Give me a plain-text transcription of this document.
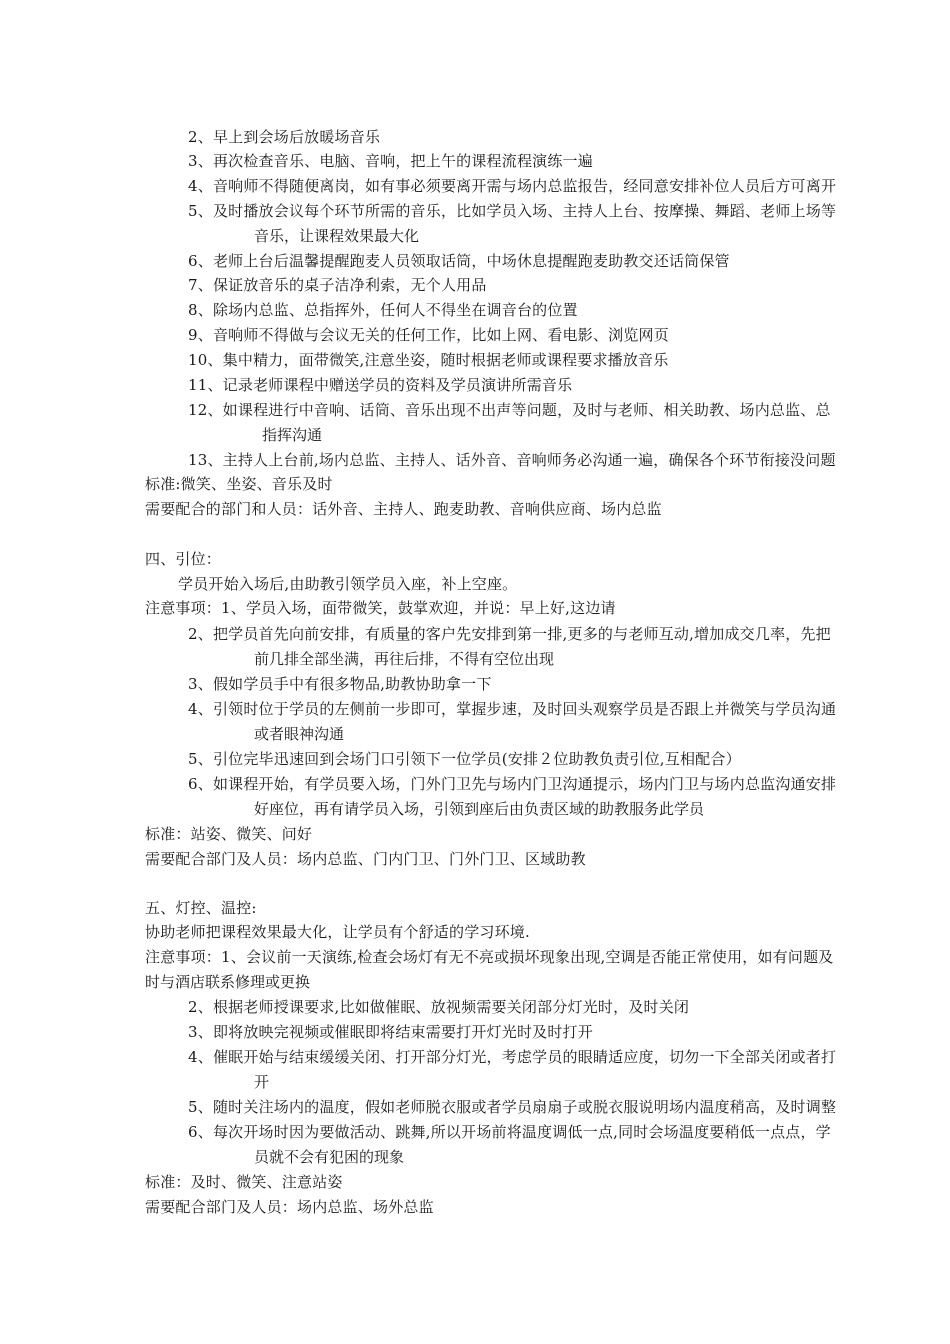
2、早上到会场后放暖场音乐
3、再次检查音乐、电脑、音响，把上午的课程流程演练一遍
4、音响师不得随便离岗，如有事必须要离开需与场内总监报告，经同意安排补位人员后方可离开
5、及时播放会议每个环节所需的音乐，比如学员入场、主持人上台、按摩操、舞蹈、老师上场等
音乐，让课程效果最大化
6、老师上台后温馨提醒跑麦人员领取话筒，中场休息提醒跑麦助教交还话筒保管
7、保证放音乐的桌子洁净利索，无个人用品
8、除场内总监、总指挥外，任何人不得坐在调音台的位置
9、音响师不得做与会议无关的任何工作，比如上网、看电影、浏览网页
10、集中精力，面带微笑,注意坐姿，随时根据老师或课程要求播放音乐
11、记录老师课程中赠送学员的资料及学员演讲所需音乐
12、如课程进行中音响、话筒、音乐出现不出声等问题，及时与老师、相关助教、场内总监、总
指挥沟通
13、主持人上台前,场内总监、主持人、话外音、音响师务必沟通一遍，确保各个环节衔接没问题
标准:微笑、坐姿、音乐及时
需要配合的部门和人员：话外音、主持人、跑麦助教、音响供应商、场内总监
四、引位：
学员开始入场后,由助教引领学员入座，补上空座。
注意事项：1、学员入场，面带微笑，鼓掌欢迎，并说：早上好,这边请
2、把学员首先向前安排，有质量的客户先安排到第一排,更多的与老师互动,增加成交几率，先把
前几排全部坐满，再往后排，不得有空位出现
3、假如学员手中有很多物品,助教协助拿一下
4、引领时位于学员的左侧前一步即可，掌握步速，及时回头观察学员是否跟上并微笑与学员沟通
或者眼神沟通
5、引位完毕迅速回到会场门口引领下一位学员(安排２位助教负责引位,互相配合）
6、如课程开始，有学员要入场，门外门卫先与场内门卫沟通提示，场内门卫与场内总监沟通安排
好座位，再有请学员入场，引领到座后由负责区域的助教服务此学员
标准：站姿、微笑、问好
需要配合部门及人员：场内总监、门内门卫、门外门卫、区域助教
五、灯控、温控:
协助老师把课程效果最大化，让学员有个舒适的学习环境.
注意事项：1、会议前一天演练,检查会场灯有无不亮或损坏现象出现,空调是否能正常使用，如有问题及
时与酒店联系修理或更换
2、根据老师授课要求,比如做催眠、放视频需要关闭部分灯光时，及时关闭
3、即将放映完视频或催眠即将结束需要打开灯光时及时打开
4、催眠开始与结束缓缓关闭、打开部分灯光，考虑学员的眼睛适应度，切勿一下全部关闭或者打
开
5、随时关注场内的温度，假如老师脱衣服或者学员扇扇子或脱衣服说明场内温度稍高，及时调整
6、每次开场时因为要做活动、跳舞,所以开场前将温度调低一点,同时会场温度要稍低一点点，学
员就不会有犯困的现象
标准：及时、微笑、注意站姿
需要配合部门及人员：场内总监、场外总监
